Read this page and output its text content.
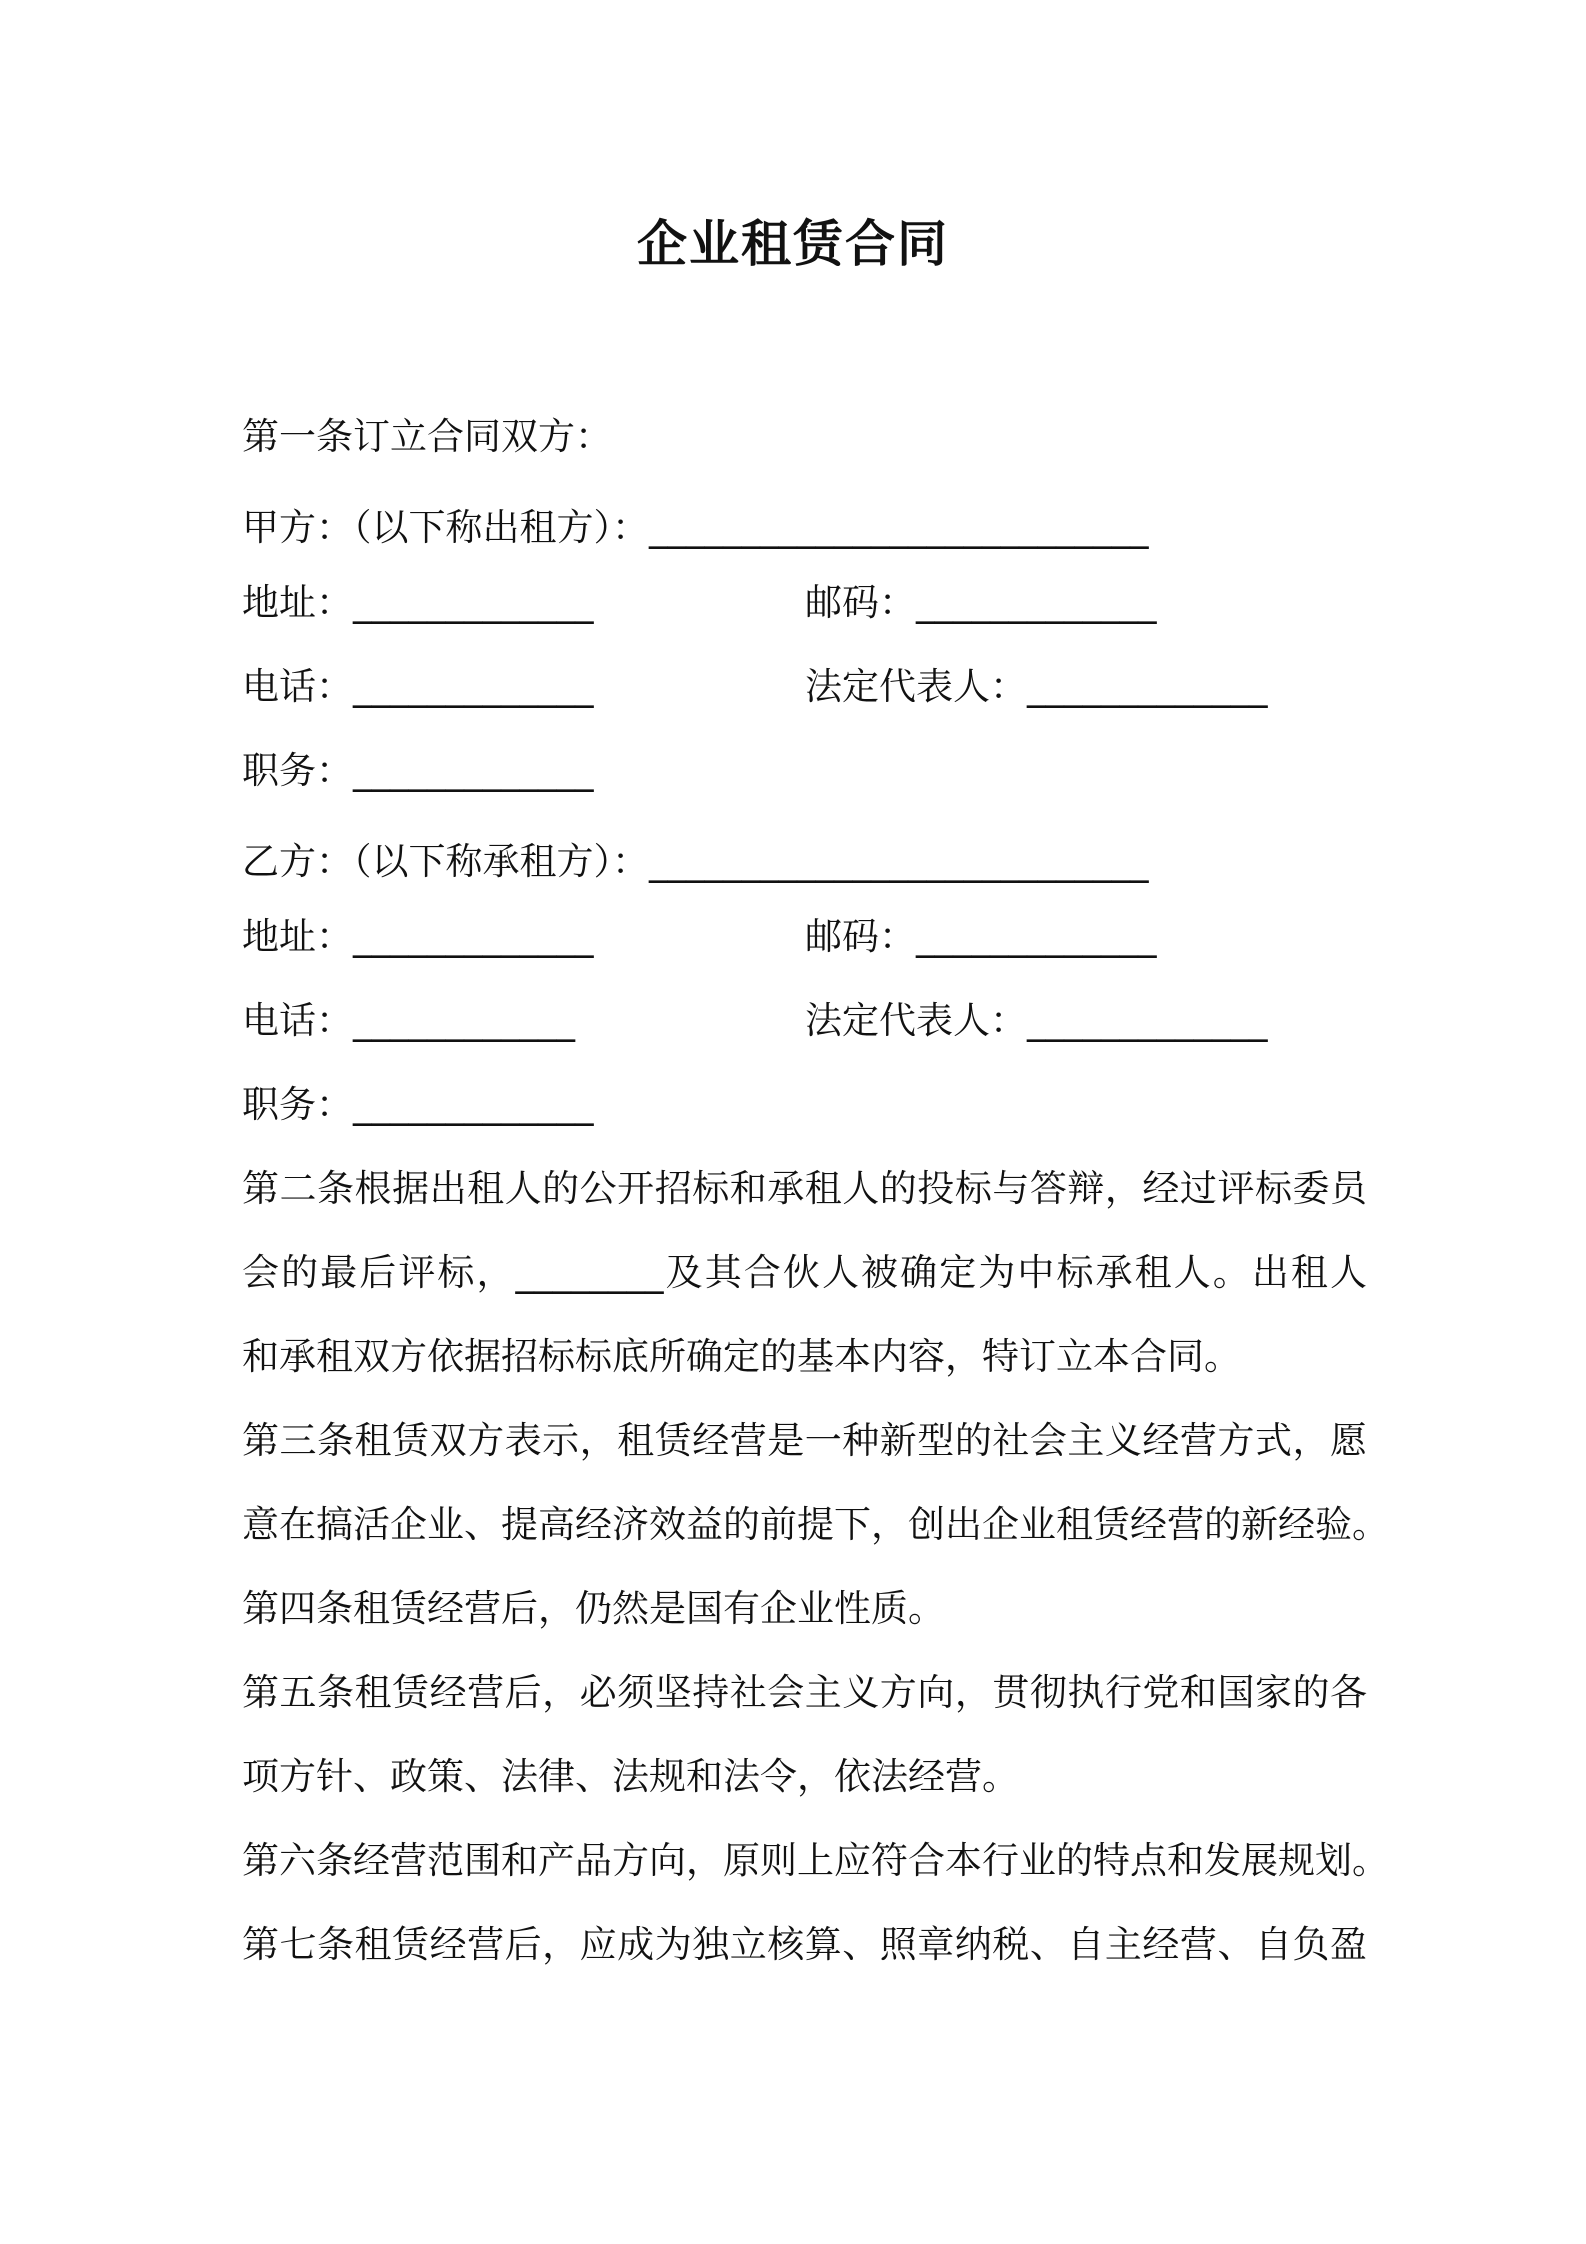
企业租赁合同
第一条订立合同双方：
甲方：（以下称出租方）：___________________________
地址：_____________	邮码：_____________
电话：_____________	法定代表人：_____________
职务：_____________
乙方：（以下称承租方）：___________________________
地址：_____________	邮码：_____________
电话：____________	法定代表人：_____________
职务：_____________
第二条根据出租人的公开招标和承租人的投标与答辩，经过评标委员
会的最后评标，________及其合伙人被确定为中标承租人。出租人
和承租双方依据招标标底所确定的基本内容，特订立本合同。
第三条租赁双方表示，租赁经营是一种新型的社会主义经营方式，愿
意在搞活企业、提高经济效益的前提下，创出企业租赁经营的新经验。
第四条租赁经营后，仍然是国有企业性质。
第五条租赁经营后，必须坚持社会主义方向，贯彻执行党和国家的各
项方针、政策、法律、法规和法令，依法经营。
第六条经营范围和产品方向，原则上应符合本行业的特点和发展规划。
第七条租赁经营后，应成为独立核算、照章纳税、自主经营、自负盈
